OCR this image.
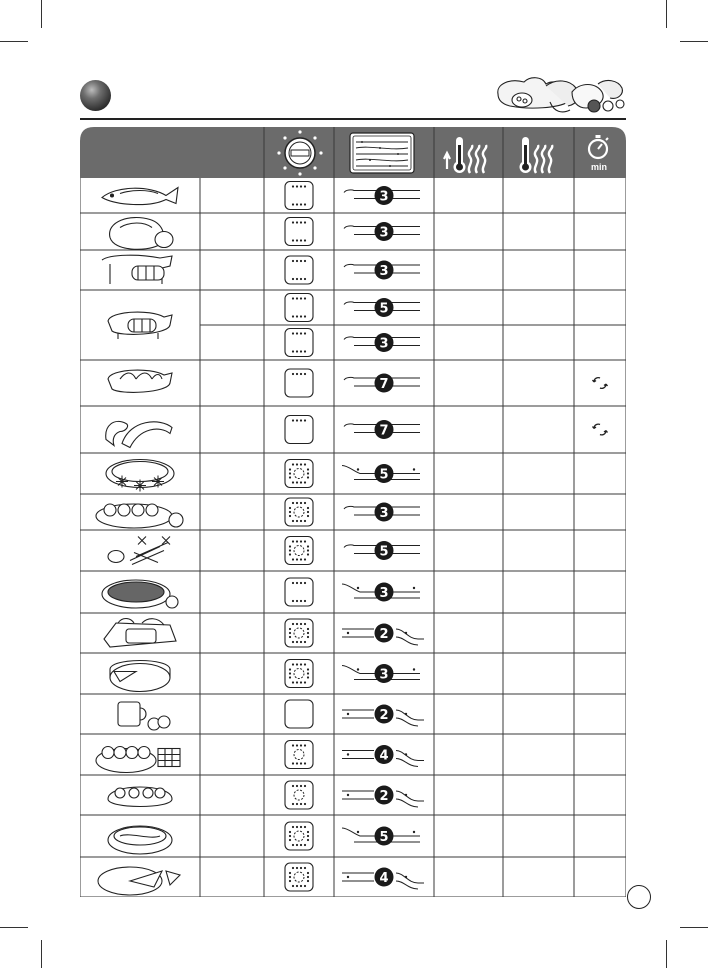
3
3
3
5
3
7
7
5
3
5
3
2
3
2
4
2
5
4
min
